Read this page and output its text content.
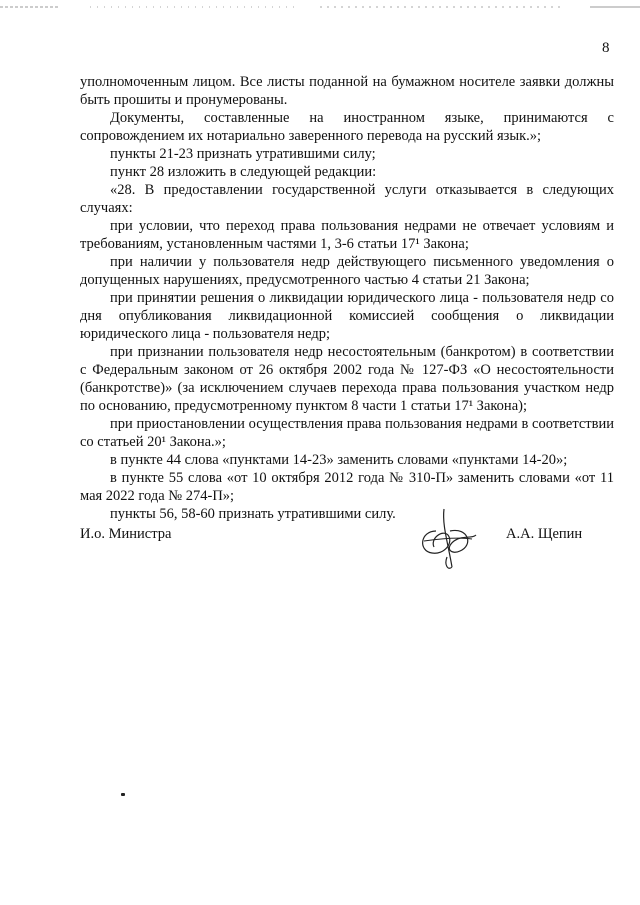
8

уполномоченным лицом. Все листы поданной на бумажном носителе заявки должны быть прошиты и пронумерованы.

Документы, составленные на иностранном языке, принимаются с сопровождением их нотариально заверенного перевода на русский язык.»;

пункты 21-23 признать утратившими силу;

пункт 28 изложить в следующей редакции:

«28. В предоставлении государственной услуги отказывается в следующих случаях:

при условии, что переход права пользования недрами не отвечает условиям и требованиям, установленным частями 1, 3-6 статьи 17¹ Закона;

при наличии у пользователя недр действующего письменного уведомления о допущенных нарушениях, предусмотренного частью 4 статьи 21 Закона;

при принятии решения о ликвидации юридического лица - пользователя недр со дня опубликования ликвидационной комиссией сообщения о ликвидации юридического лица - пользователя недр;

при признании пользователя недр несостоятельным (банкротом) в соответствии с Федеральным законом от 26 октября 2002 года № 127-ФЗ «О несостоятельности (банкротстве)» (за исключением случаев перехода права пользования участком недр по основанию, предусмотренному пунктом 8 части 1 статьи 17¹ Закона);

при приостановлении осуществления права пользования недрами в соответствии со статьей 20¹ Закона.»;

в пункте 44 слова «пунктами 14-23» заменить словами «пунктами 14-20»;

в пункте 55 слова «от 10 октября 2012 года № 310-П» заменить словами «от 11 мая 2022 года № 274-П»;

пункты 56, 58-60 признать утратившими силу.

И.о. Министра	А.А. Щепин
